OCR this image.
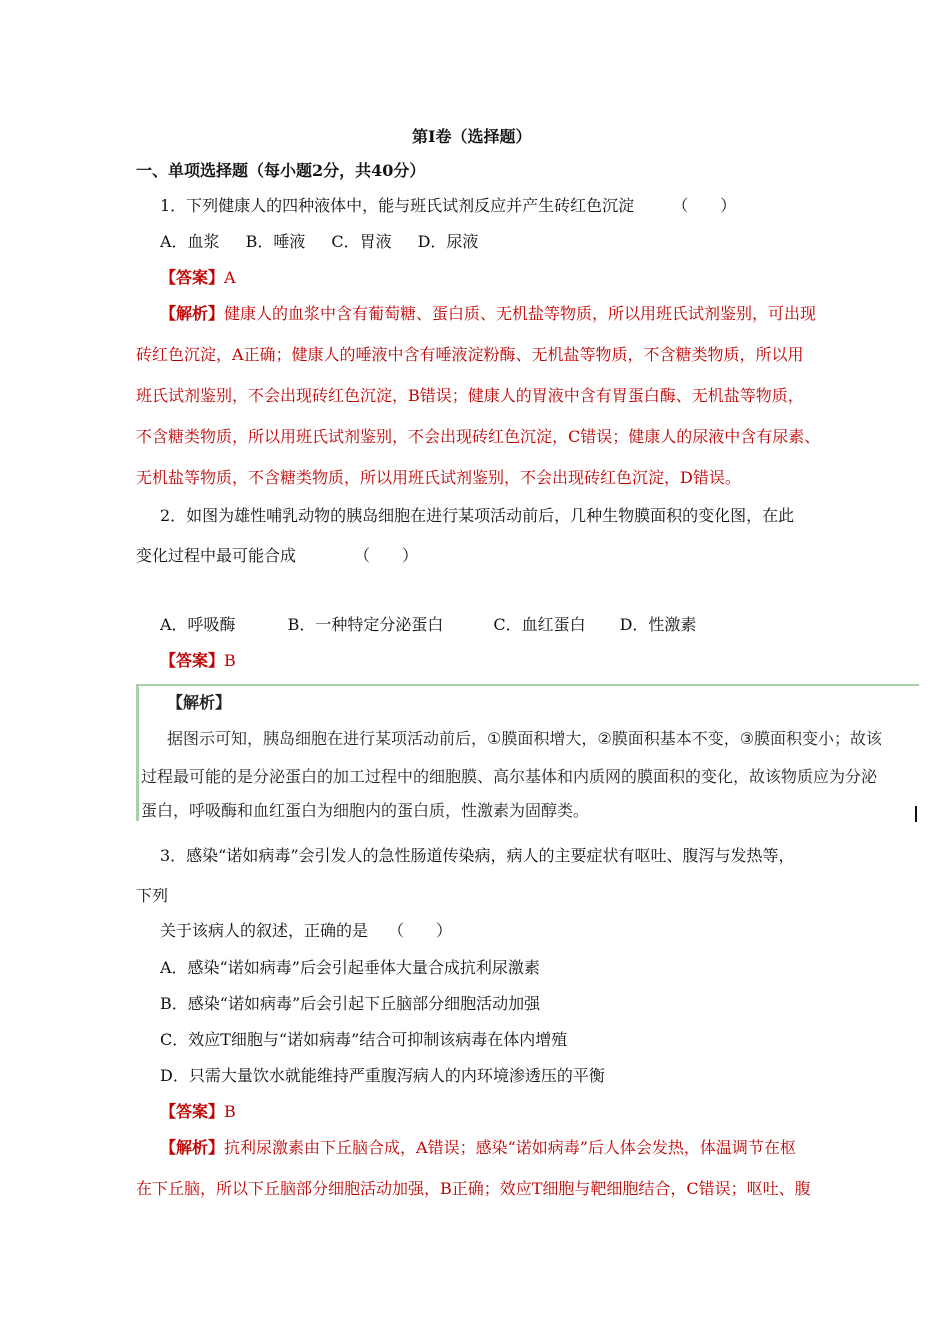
第Ⅰ卷（选择题）
一、单项选择题（每小题2分，共40分）
1．下列健康人的四种液体中，能与班氏试剂反应并产生砖红色沉淀 （　　）
A．血浆 B．唾液 C．胃液 D．尿液
【答案】A
【解析】健康人的血浆中含有葡萄糖、蛋白质、无机盐等物质，所以用班氏试剂鉴别，可出现
砖红色沉淀，A正确；健康人的唾液中含有唾液淀粉酶、无机盐等物质，不含糖类物质，所以用
班氏试剂鉴别，不会出现砖红色沉淀，B错误；健康人的胃液中含有胃蛋白酶、无机盐等物质，
不含糖类物质，所以用班氏试剂鉴别，不会出现砖红色沉淀，C错误；健康人的尿液中含有尿素、
无机盐等物质，不含糖类物质，所以用班氏试剂鉴别，不会出现砖红色沉淀，D错误。
2．如图为雄性哺乳动物的胰岛细胞在进行某项活动前后，几种生物膜面积的变化图，在此
变化过程中最可能合成	（　　）
A．呼吸酶	B．一种特定分泌蛋白	C．血红蛋白 D．性激素
【答案】B
【解析】
据图示可知，胰岛细胞在进行某项活动前后，①膜面积增大，②膜面积基本不变，③膜面积变小；故该
过程最可能的是分泌蛋白的加工过程中的细胞膜、高尔基体和内质网的膜面积的变化，故该物质应为分泌
蛋白，呼吸酶和血红蛋白为细胞内的蛋白质，性激素为固醇类。
3．感染“诺如病毒”会引发人的急性肠道传染病，病人的主要症状有呕吐、腹泻与发热等，
下列
关于该病人的叙述，正确的是 （　　）
A．感染“诺如病毒”后会引起垂体大量合成抗利尿激素
B．感染“诺如病毒”后会引起下丘脑部分细胞活动加强
C．效应T细胞与“诺如病毒”结合可抑制该病毒在体内增殖
D．只需大量饮水就能维持严重腹泻病人的内环境渗透压的平衡
【答案】B
【解析】抗利尿激素由下丘脑合成，A错误；感染“诺如病毒”后人体会发热，体温调节在枢
在下丘脑，所以下丘脑部分细胞活动加强，B正确；效应T细胞与靶细胞结合，C错误；呕吐、腹
